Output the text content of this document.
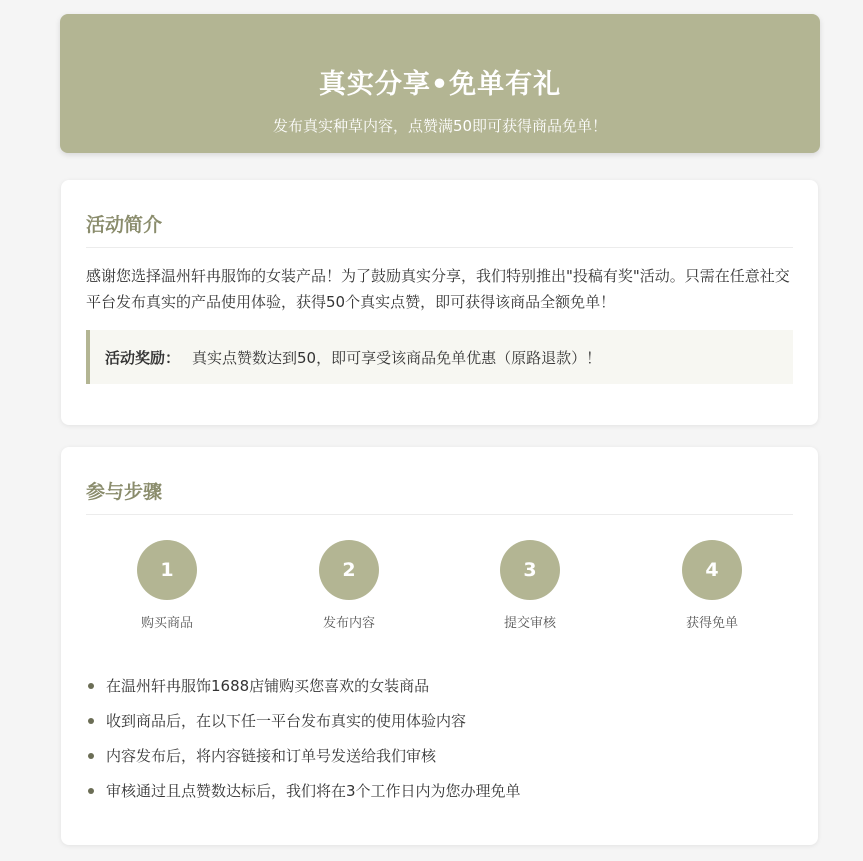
真实分享•免单有礼
发布真实种草内容，点赞满50即可获得商品免单！
活动简介
感谢您选择温州轩冉服饰的女装产品！为了鼓励真实分享，我们特别推出"投稿有奖"活动。只需在任意社交平台发布真实的产品使用体验，获得50个真实点赞，即可获得该商品全额免单！
活动奖励： 真实点赞数达到50，即可享受该商品免单优惠（原路退款）！
参与步骤
1
购买商品
2
发布内容
3
提交审核
4
获得免单
在温州轩冉服饰1688店铺购买您喜欢的女装商品
收到商品后，在以下任一平台发布真实的使用体验内容
内容发布后，将内容链接和订单号发送给我们审核
审核通过且点赞数达标后，我们将在3个工作日内为您办理免单
